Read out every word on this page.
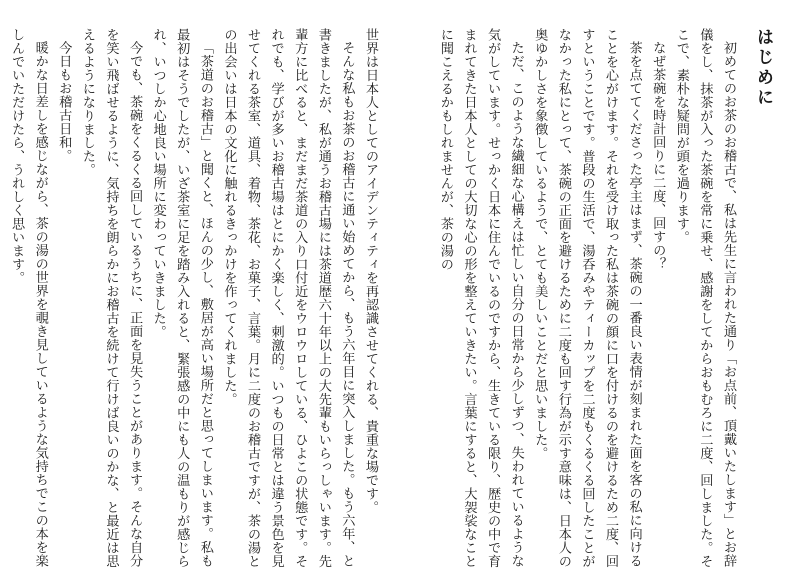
はじめに

初めてのお茶のお稽古で、私は先生に言われた通り「お点前、頂戴いたします」とお辞儀をし、抹茶が入った茶碗を常に乗せ、感謝をしてからおもむろに二度、回しました。そこで、素朴な疑問が頭を過ります。

なぜ茶碗を時計回りに二度、回すの？

茶を点ててくださった亭主はまず、茶碗の一番良い表情が刻まれた面を客の私に向けることを心がけます。それを受け取った私は茶碗の顔に口を付けるのを避けるため二度、回すということです。普段の生活で、湯呑みやティーカップを二度もくるくる回したことがなかった私にとって、茶碗の正面を避けるために二度も回す行為が示す意味は、日本人の奥ゆかしさを象徴しているようで、とても美しいことだと思いました。

ただ、このような繊細な心構えは忙しい自分の日常から少しずつ、失われているような気がしています。せっかく日本に住んでいるのですから、生きている限り、歴史の中で育まれてきた日本人としての大切な心の形を整えていきたい。言葉にすると、大袈裟なことに聞こえるかもしれませんが、茶の湯の

世界は日本人としてのアイデンティティを再認識させてくれる、貴重な場です。

そんな私もお茶のお稽古に通い始めてから、もう六年目に突入しました。もう六年、と書きましたが、私が通うお稽古場には茶道歴六十年以上の大先輩もいらっしゃいます。先輩方に比べると、まだまだ茶道の入り口付近をウロウロしている、ひよこの状態です。それでも、学びが多いお稽古場はとにかく楽しく、刺激的。いつもの日常とは違う景色を見せてくれる茶室、道具、着物、茶花、お菓子、言葉。月に二度のお稽古ですが、茶の湯との出会いは日本の文化に触れるきっかけを作ってくれました。

「茶道のお稽古」と聞くと、ほんの少し、敷居が高い場所だと思ってしまいます。私も最初はそうでしたが、いざ茶室に足を踏み入れると、緊張感の中にも人の温もりが感じられ、いつしか心地良い場所に変わっていきました。

今でも、茶碗をくるくる回しているうちに、正面を見失うことがあります。そんな自分を笑い飛ばせるように、気持ちを朗らかにお稽古を続けて行けば良いのかな、と最近は思えるようになりました。

今日もお稽古日和。

暖かな日差しを感じながら、茶の湯の世界を覗き見しているような気持ちでこの本を楽しんでいただけたら、うれしく思います。
